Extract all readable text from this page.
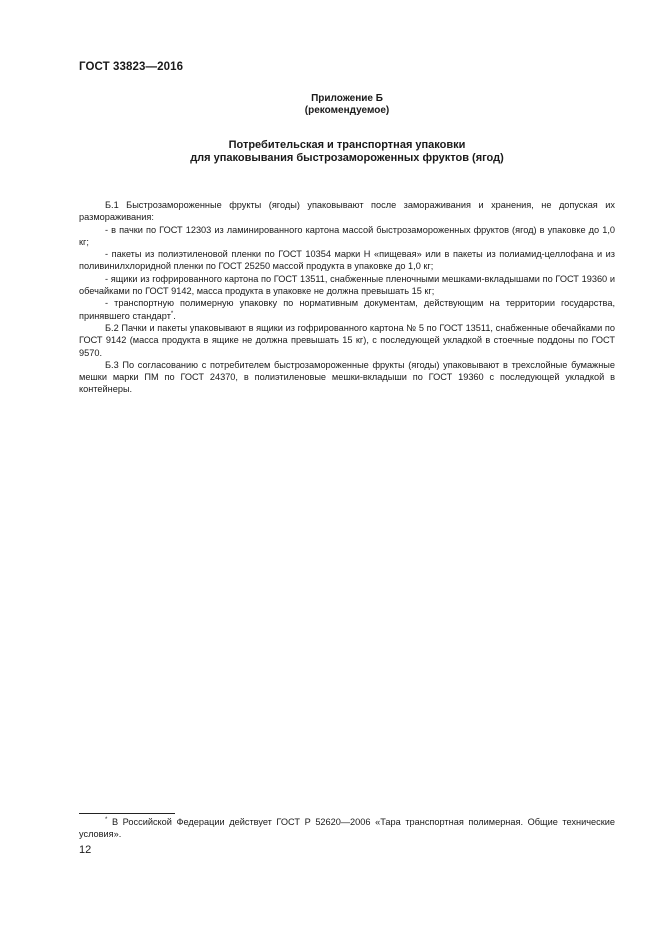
ГОСТ 33823—2016
Приложение Б
(рекомендуемое)
Потребительская и транспортная упаковки
для упаковывания быстрозамороженных фруктов (ягод)

Б.1 Быстрозамороженные фрукты (ягоды) упаковывают после замораживания и хранения, не допуская их размораживания:

- в пачки по ГОСТ 12303 из ламинированного картона массой быстрозамороженных фруктов (ягод) в упаковке до 1,0 кг;

- пакеты из полиэтиленовой пленки по ГОСТ 10354 марки Н «пищевая» или в пакеты из полиамид-целлофана и из поливинилхлоридной пленки по ГОСТ 25250 массой продукта в упаковке до 1,0 кг;

- ящики из гофрированного картона по ГОСТ 13511, снабженные пленочными мешками-вкладышами по ГОСТ 19360 и обечайками по ГОСТ 9142, масса продукта в упаковке не должна превышать 15 кг;

- транспортную полимерную упаковку по нормативным документам, действующим на территории государства, принявшего стандарт*.

Б.2 Пачки и пакеты упаковывают в ящики из гофрированного картона № 5 по ГОСТ 13511, снабженные обечайками по ГОСТ 9142 (масса продукта в ящике не должна превышать 15 кг), с последующей укладкой в стоечные поддоны по ГОСТ 9570.

Б.3 По согласованию с потребителем быстрозамороженные фрукты (ягоды) упаковывают в трехслойные бумажные мешки марки ПМ по ГОСТ 24370, в полиэтиленовые мешки-вкладыши по ГОСТ 19360 с последующей укладкой в контейнеры.

* В Российской Федерации действует ГОСТ Р 52620—2006 «Тара транспортная полимерная. Общие технические условия».

12
